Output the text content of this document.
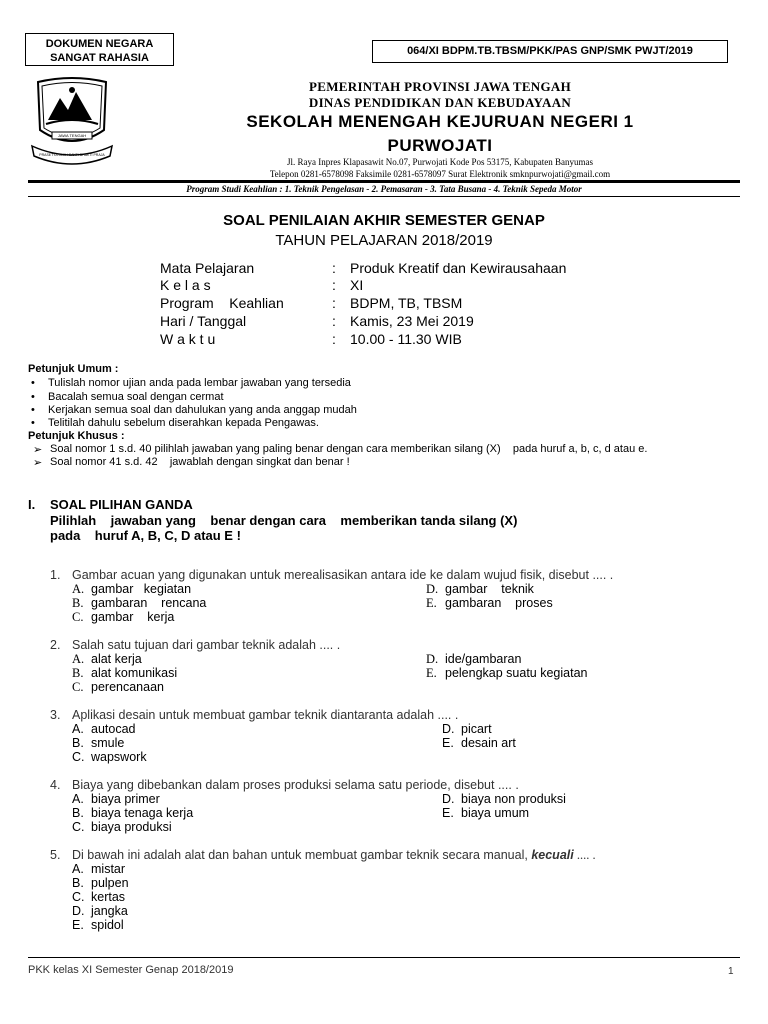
DOKUMEN NEGARA
SANGAT RAHASIA
064/XI BDPM.TB.TBSM/PKK/PAS GNP/SMK PWJT/2019
JAWA TENGAH
PRASETYA ULAH SAKTI BHAKTI PRAJA
PEMERINTAH PROVINSI JAWA TENGAH
DINAS PENDIDIKAN DAN KEBUDAYAAN
SEKOLAH MENENGAH KEJURUAN NEGERI 1
PURWOJATI
Jl. Raya Inpres Klapasawit No.07, Purwojati Kode Pos 53175, Kabupaten Banyumas
Telepon 0281-6578098 Faksimile 0281-6578097 Surat Elektronik smknpurwojati@gmail.com
Program Studi Keahlian : 1. Teknik Pengelasan - 2. Pemasaran - 3. Tata Busana - 4. Teknik Sepeda Motor
SOAL PENILAIAN AKHIR SEMESTER GENAP
TAHUN PELAJARAN 2018/2019
Mata Pelajaran	: Produk Kreatif dan Kewirausahaan
K e l a s	: XI
Program    Keahlian	: BDPM, TB, TBSM
Hari / Tanggal	: Kamis, 23 Mei 2019
W a k t u	: 10.00 - 11.30 WIB
Petunjuk Umum :
• Tulislah nomor ujian anda pada lembar jawaban yang tersedia
• Bacalah semua soal dengan cermat
• Kerjakan semua soal dan dahulukan yang anda anggap mudah
• Telitilah dahulu sebelum diserahkan kepada Pengawas.
Petunjuk Khusus :
➢ Soal nomor 1 s.d. 40 pilihlah jawaban yang paling benar dengan cara memberikan silang (X)    pada huruf a, b, c, d atau e.
➢ Soal nomor 41 s.d. 42    jawablah dengan singkat dan benar !
I. SOAL PILIHAN GANDA
Pilihlah    jawaban yang    benar dengan cara    memberikan tanda silang (X)
pada    huruf A, B, C, D atau E !
1. Gambar acuan yang digunakan untuk merealisasikan antara ide ke dalam wujud fisik, disebut .... .
A. gambar   kegiatan
B. gambaran    rencana
C. gambar    kerja
D. gambar    teknik
E. gambaran    proses
2. Salah satu tujuan dari gambar teknik adalah .... .
A. alat kerja
B. alat komunikasi
C. perencanaan
D. ide/gambaran
E. pelengkap suatu kegiatan
3. Aplikasi desain untuk membuat gambar teknik diantaranta adalah .... .
A. autocad
B. smule
C. wapswork
D. picart
E. desain art
4. Biaya yang dibebankan dalam proses produksi selama satu periode, disebut .... .
A. biaya primer
B. biaya tenaga kerja
C. biaya produksi
D. biaya non produksi
E. biaya umum
5. Di bawah ini adalah alat dan bahan untuk membuat gambar teknik secara manual, kecuali .... .
A. mistar
B. pulpen
C. kertas
D. jangka
E. spidol
PKK kelas XI Semester Genap 2018/2019	1
